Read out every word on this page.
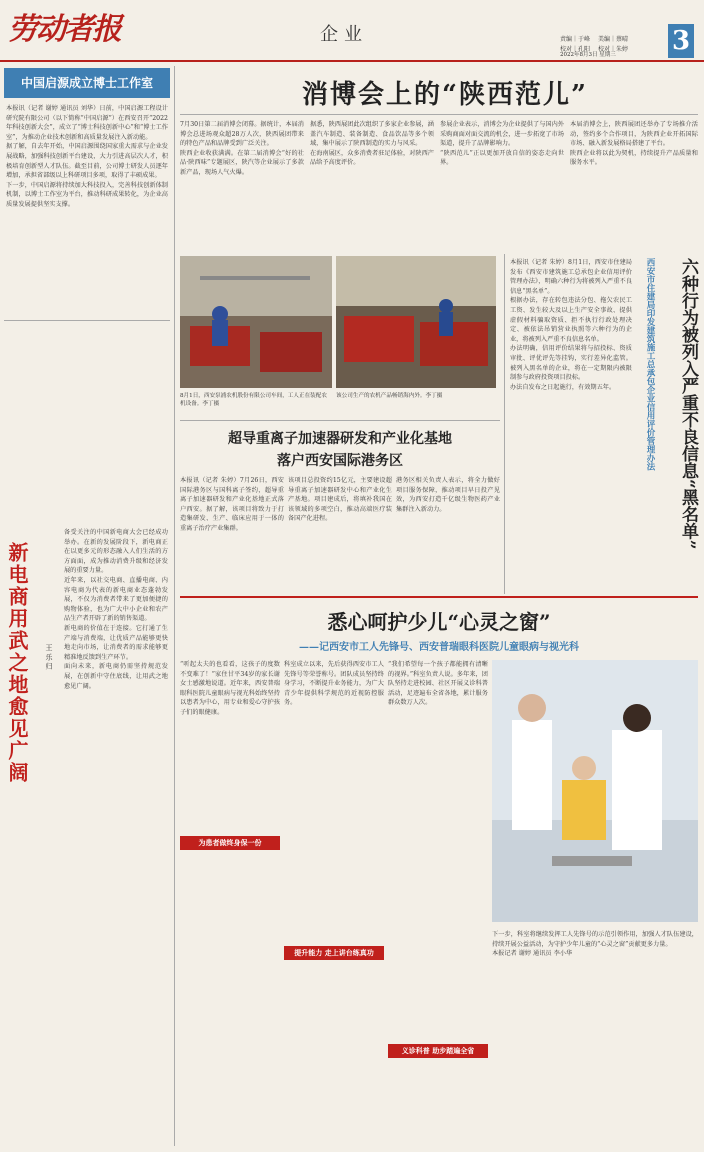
劳动者报	企业	责编｜于峰 美编｜蔡晴
校对｜孔阳 校对｜朱婷
2022年8月3日 星期三 3
中国启源成立博士工作室

本报讯（记者 谢婷 通讯员 刘华）日前，中国启源工程设计研究院有限公司（以下简称“中国启源”）在西安召开“2022年科技创新大会”，成立了“博士科技创新中心”和“博士工作室”，为推动企业技术创新和高质量发展注入新动能。
据了解，自去年开始，中国启源围绕国家重大需求与企业发展战略，加强科技创新平台建设，大力引进高层次人才，积极培育创新型人才队伍。截至目前，公司博士研发人员逐年增加，承担省部级以上科研项目多项，取得了丰硕成果。
下一步，中国启源将持续加大科技投入，完善科技创新体制机制，以博士工作室为平台，推动科研成果转化，为企业高质量发展提供坚实支撑。

新电商用武之地愈见广阔	王 乐 归

备受关注的中国新电商大会已经成功举办。在新的发展阶段下，新电商正在以更多元的形态融入人们生活的方方面面，成为推动消费升级和经济发展的重要力量。
近年来，以社交电商、直播电商、内容电商为代表的新电商业态蓬勃发展，不仅为消费者带来了更加便捷的购物体验，也为广大中小企业和农产品生产者开辟了新的销售渠道。
新电商的价值在于连接。它打通了生产端与消费端，让优质产品能够更快地走向市场，让消费者的需求能够更精准地反馈到生产环节。
面向未来，新电商仍需坚持规范发展，在创新中守住底线，让用武之地愈见广阔。

消博会上的“陕西范儿”

7月30日第二届消博会闭幕。据统计，本届消博会总进场观众超28万人次，陕西展团带来的特色产品和品牌受到广泛关注。
陕西企业收获满满。在第二届消博会“好的社品·陕西味”专题展区，陕汽等企业展示了多款新产品，现场人气火爆。

据悉，陕西展团此次组织了多家企业参展，涵盖汽车制造、装备制造、食品饮品等多个领域，集中展示了陕西制造的实力与风采。
在海南展区，众多消费者驻足体验，对陕西产品给予高度评价。

参展企业表示，消博会为企业提供了与国内外采购商面对面交流的机会，进一步拓宽了市场渠道，提升了品牌影响力。
“陕西范儿”正以更加开放自信的姿态走向世界。

本届消博会上，陕西展团还举办了专场推介活动，签约多个合作项目，为陕西企业开拓国际市场、融入新发展格局搭建了平台。
陕西企业将以此为契机，持续提升产品质量和服务水平。

8月1日，西安泵浦农机股份有限公司车间，工人正在装配农机设备。李丁摄

该公司生产的农机产品畅销海内外。李丁摄

超导重离子加速器研发和产业化基地
落户西安国际港务区

本报讯（记者 朱婷）7月26日，西安国际港务区与国科离子签约，超导重离子加速器研发和产业化基地正式落户西安。据了解，该项目将致力于打造集研发、生产、临床应用于一体的重离子治疗产业集群。

该项目总投资约15亿元，主要建设超导重离子加速器研发中心和产业化生产基地。项目建成后，将填补我国在该领域的多项空白，推动高端医疗装备国产化进程。

港务区相关负责人表示，将全力做好项目服务保障，推动项目早日投产见效，为西安打造千亿级生物医药产业集群注入新动力。	六种行为被列入严重不良信息“黑名单”
西安市住建局印发建筑施工总承包企业信用评价管理办法

本报讯（记者 朱婷）8月1日，西安市住建局发布《西安市建筑施工总承包企业信用评价管理办法》，明确六种行为将被列入严重不良信息“黑名单”。
根据办法，存在转包违法分包、拖欠农民工工资、发生较大及以上生产安全事故、提供虚假材料骗取资质、拒不执行行政处理决定、被依法吊销营业执照等六种行为的企业，将被列入严重不良信息名单。
办法明确，信用评价结果将与招投标、资质审批、评优评先等挂钩，实行差异化监管。被列入黑名单的企业，将在一定期限内被限制参与政府投资项目投标。
办法自发布之日起施行，有效期五年。

悉心呵护少儿“心灵之窗”
——记西安市工人先锋号、西安普瑞眼科医院儿童眼病与视光科

“听起太夫的也看看，这孩子的度数不变难了！”家住甘平34岁的家长谢女士感激地说道。近年来，西安普瑞眼科医院儿童眼病与视光科始终坚持以患者为中心，用专业和爱心守护孩子们的眼健康。

为患者做终身保一份

科室成立以来，先后获得西安市工人先锋号等荣誉称号。团队成员坚持终身学习，不断提升业务能力，为广大青少年提供科学规范的近视防控服务。

提升能力 走上讲台练真功

“我们希望每一个孩子都能拥有清晰的视界。”科室负责人说。多年来，团队坚持走进校园、社区开展义诊科普活动，足迹遍布全省各地，累计服务群众数万人次。

义诊科普 助步踏遍全省

下一步，科室将继续发挥工人先锋号的示范引领作用，加强人才队伍建设，持续开展公益活动，为守护少年儿童的“心灵之窗”贡献更多力量。
本报记者 谢婷 通讯员 李小华
